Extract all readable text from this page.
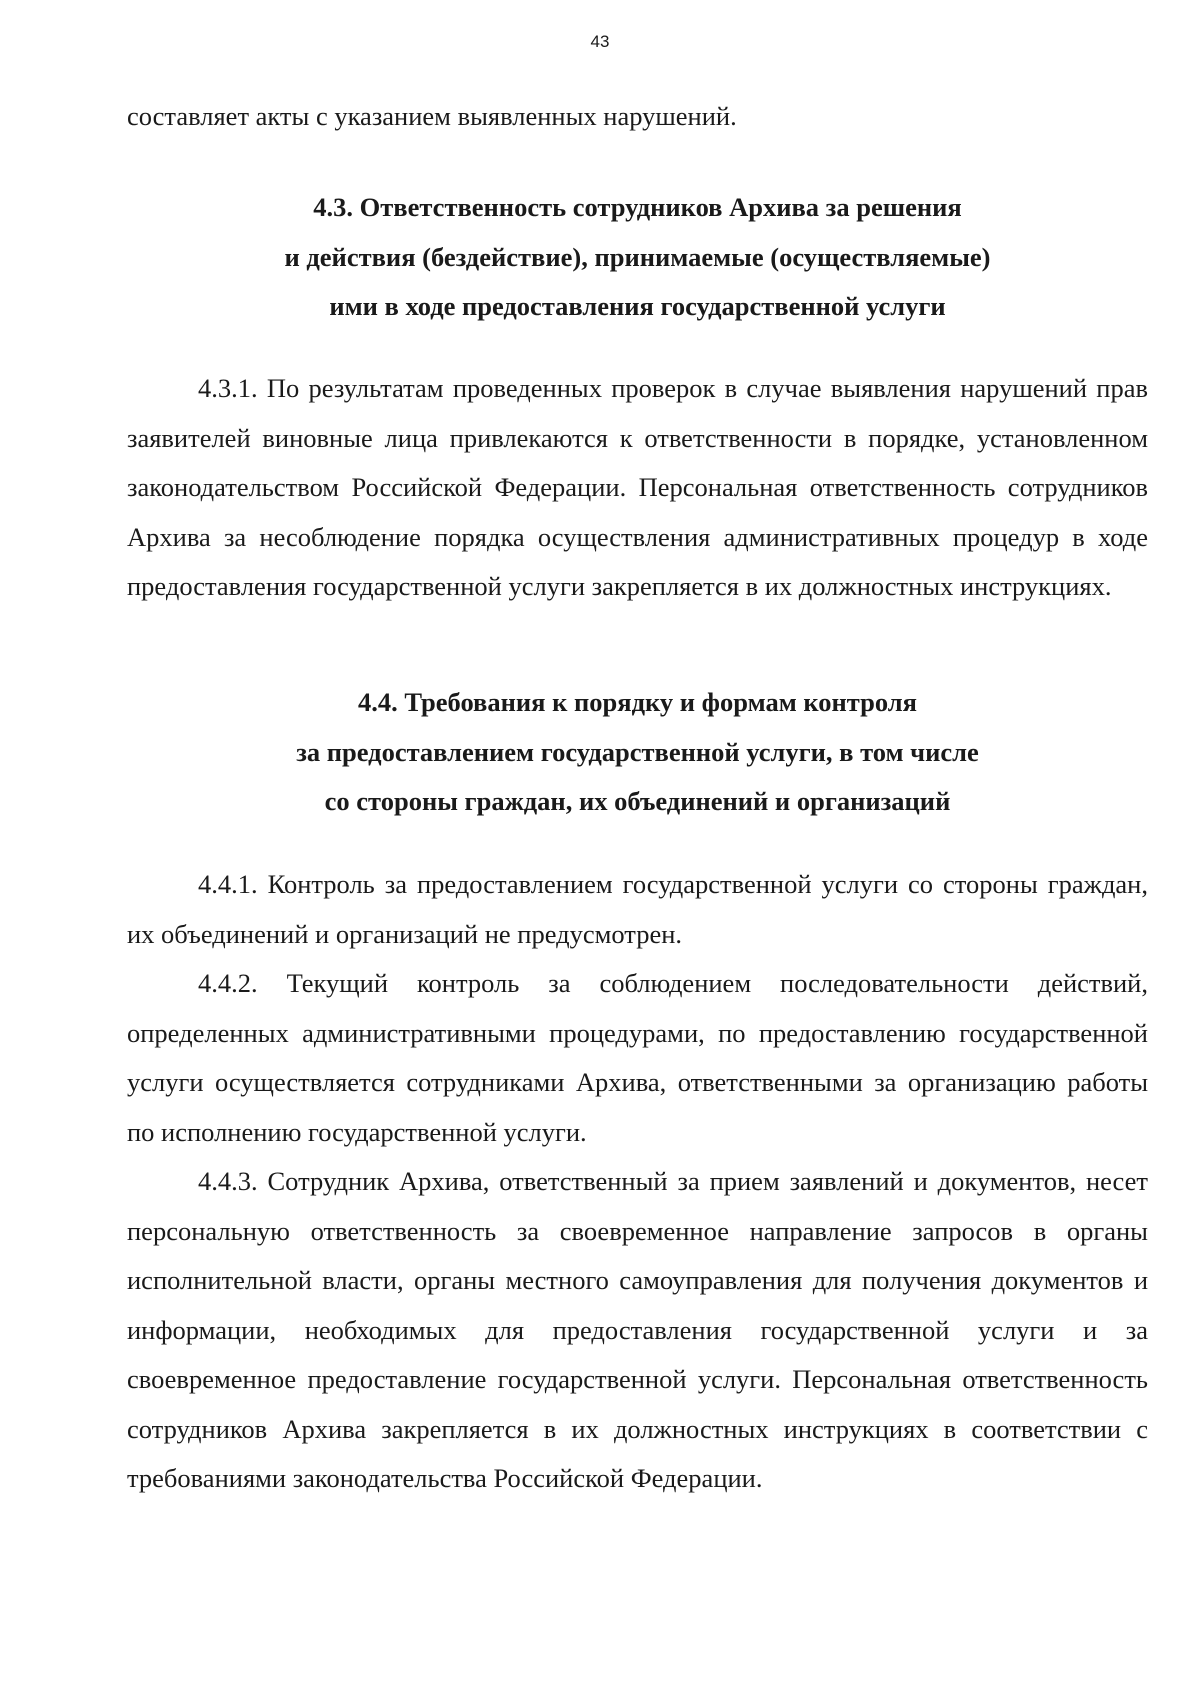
43

составляет акты с указанием выявленных нарушений.

4.3. Ответственность сотрудников Архива за решения
и действия (бездействие), принимаемые (осуществляемые)
ими в ходе предоставления государственной услуги

4.3.1. По результатам проведенных проверок в случае выявления нарушений прав заявителей виновные лица привлекаются к ответственности в порядке, установленном законодательством Российской Федерации. Персональная ответственность сотрудников Архива за несоблюдение порядка осуществления административных процедур в ходе предоставления государственной услуги закрепляется в их должностных инструкциях.

4.4. Требования к порядку и формам контроля
за предоставлением государственной услуги, в том числе
со стороны граждан, их объединений и организаций

4.4.1. Контроль за предоставлением государственной услуги со стороны граждан, их объединений и организаций не предусмотрен.

4.4.2. Текущий контроль за соблюдением последовательности действий, определенных административными процедурами, по предоставлению государственной услуги осуществляется сотрудниками Архива, ответственными за организацию работы по исполнению государственной услуги.

4.4.3. Сотрудник Архива, ответственный за прием заявлений и документов, несет персональную ответственность за своевременное направление запросов в органы исполнительной власти, органы местного самоуправления для получения документов и информации, необходимых для предоставления государственной услуги и за своевременное предоставление государственной услуги. Персональная ответственность сотрудников Архива закрепляется в их должностных инструкциях в соответствии с требованиями законодательства Российской Федерации.
